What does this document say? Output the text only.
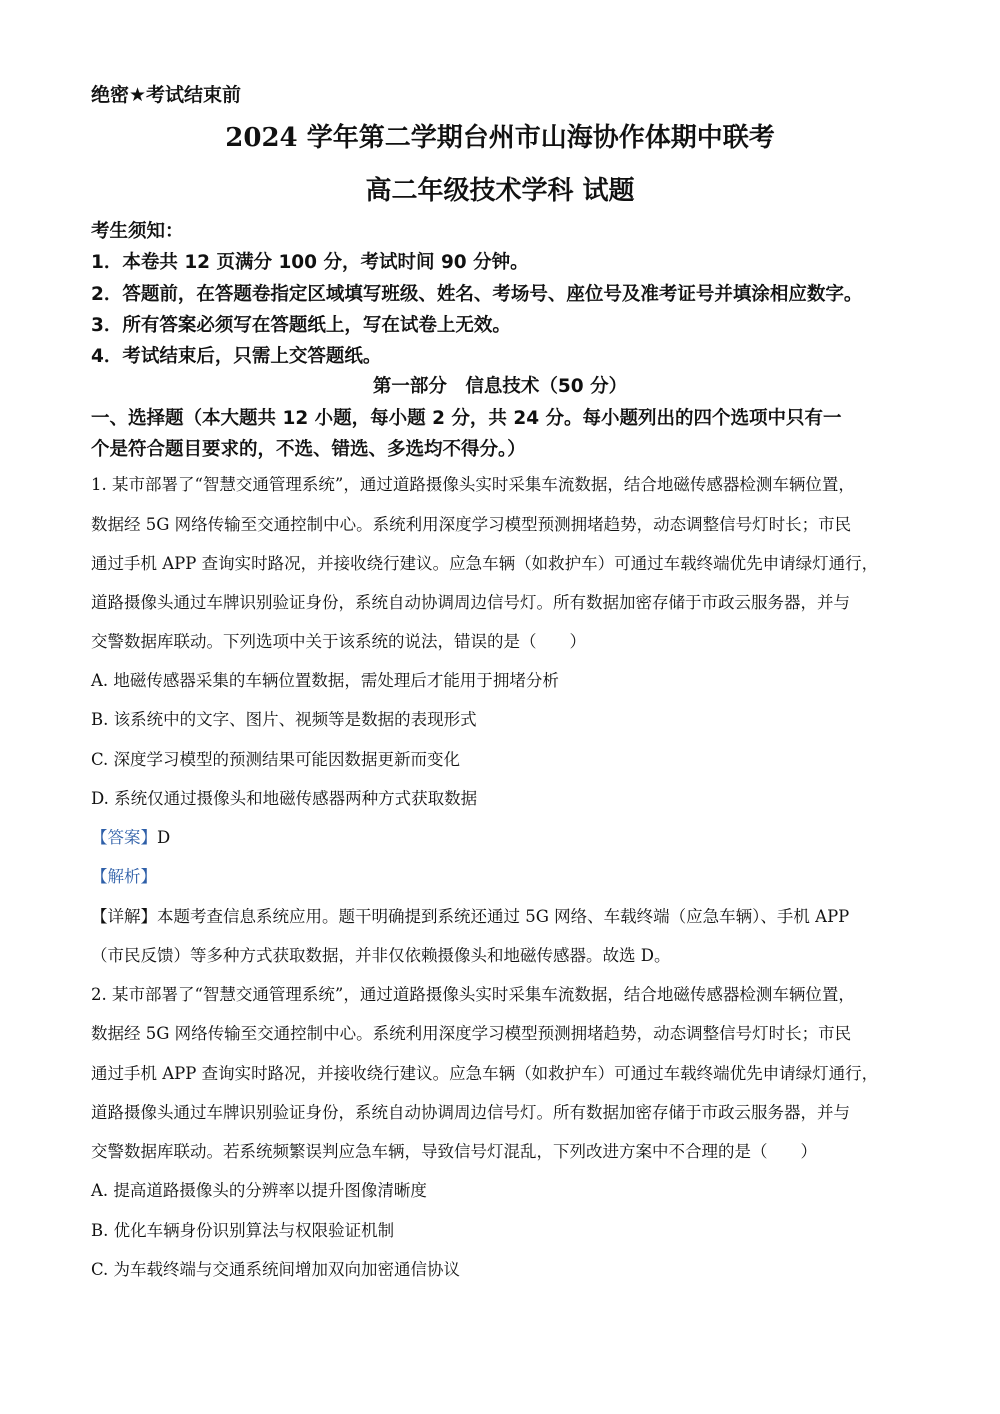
绝密★考试结束前
2024 学年第二学期台州市山海协作体期中联考
高二年级技术学科 试题
考生须知：
1．本卷共 12 页满分 100 分，考试时间 90 分钟。
2．答题前，在答题卷指定区域填写班级、姓名、考场号、座位号及准考证号并填涂相应数字。
3．所有答案必须写在答题纸上，写在试卷上无效。
4．考试结束后，只需上交答题纸。
第一部分　信息技术（50 分）
一、选择题（本大题共 12 小题，每小题 2 分，共 24 分。每小题列出的四个选项中只有一
个是符合题目要求的，不选、错选、多选均不得分。）
1. 某市部署了“智慧交通管理系统”，通过道路摄像头实时采集车流数据，结合地磁传感器检测车辆位置，
数据经 5G 网络传输至交通控制中心。系统利用深度学习模型预测拥堵趋势，动态调整信号灯时长；市民
通过手机 APP 查询实时路况，并接收绕行建议。应急车辆（如救护车）可通过车载终端优先申请绿灯通行，
道路摄像头通过车牌识别验证身份，系统自动协调周边信号灯。所有数据加密存储于市政云服务器，并与
交警数据库联动。下列选项中关于该系统的说法，错误的是（　　）
A. 地磁传感器采集的车辆位置数据，需处理后才能用于拥堵分析
B. 该系统中的文字、图片、视频等是数据的表现形式
C. 深度学习模型的预测结果可能因数据更新而变化
D. 系统仅通过摄像头和地磁传感器两种方式获取数据
【答案】D
【解析】
【详解】本题考查信息系统应用。题干明确提到系统还通过 5G 网络、车载终端（应急车辆）、手机 APP
（市民反馈）等多种方式获取数据，并非仅依赖摄像头和地磁传感器。故选 D。
2. 某市部署了“智慧交通管理系统”，通过道路摄像头实时采集车流数据，结合地磁传感器检测车辆位置，
数据经 5G 网络传输至交通控制中心。系统利用深度学习模型预测拥堵趋势，动态调整信号灯时长；市民
通过手机 APP 查询实时路况，并接收绕行建议。应急车辆（如救护车）可通过车载终端优先申请绿灯通行，
道路摄像头通过车牌识别验证身份，系统自动协调周边信号灯。所有数据加密存储于市政云服务器，并与
交警数据库联动。若系统频繁误判应急车辆，导致信号灯混乱，下列改进方案中不合理的是（　　）
A. 提高道路摄像头的分辨率以提升图像清晰度
B. 优化车辆身份识别算法与权限验证机制
C. 为车载终端与交通系统间增加双向加密通信协议
